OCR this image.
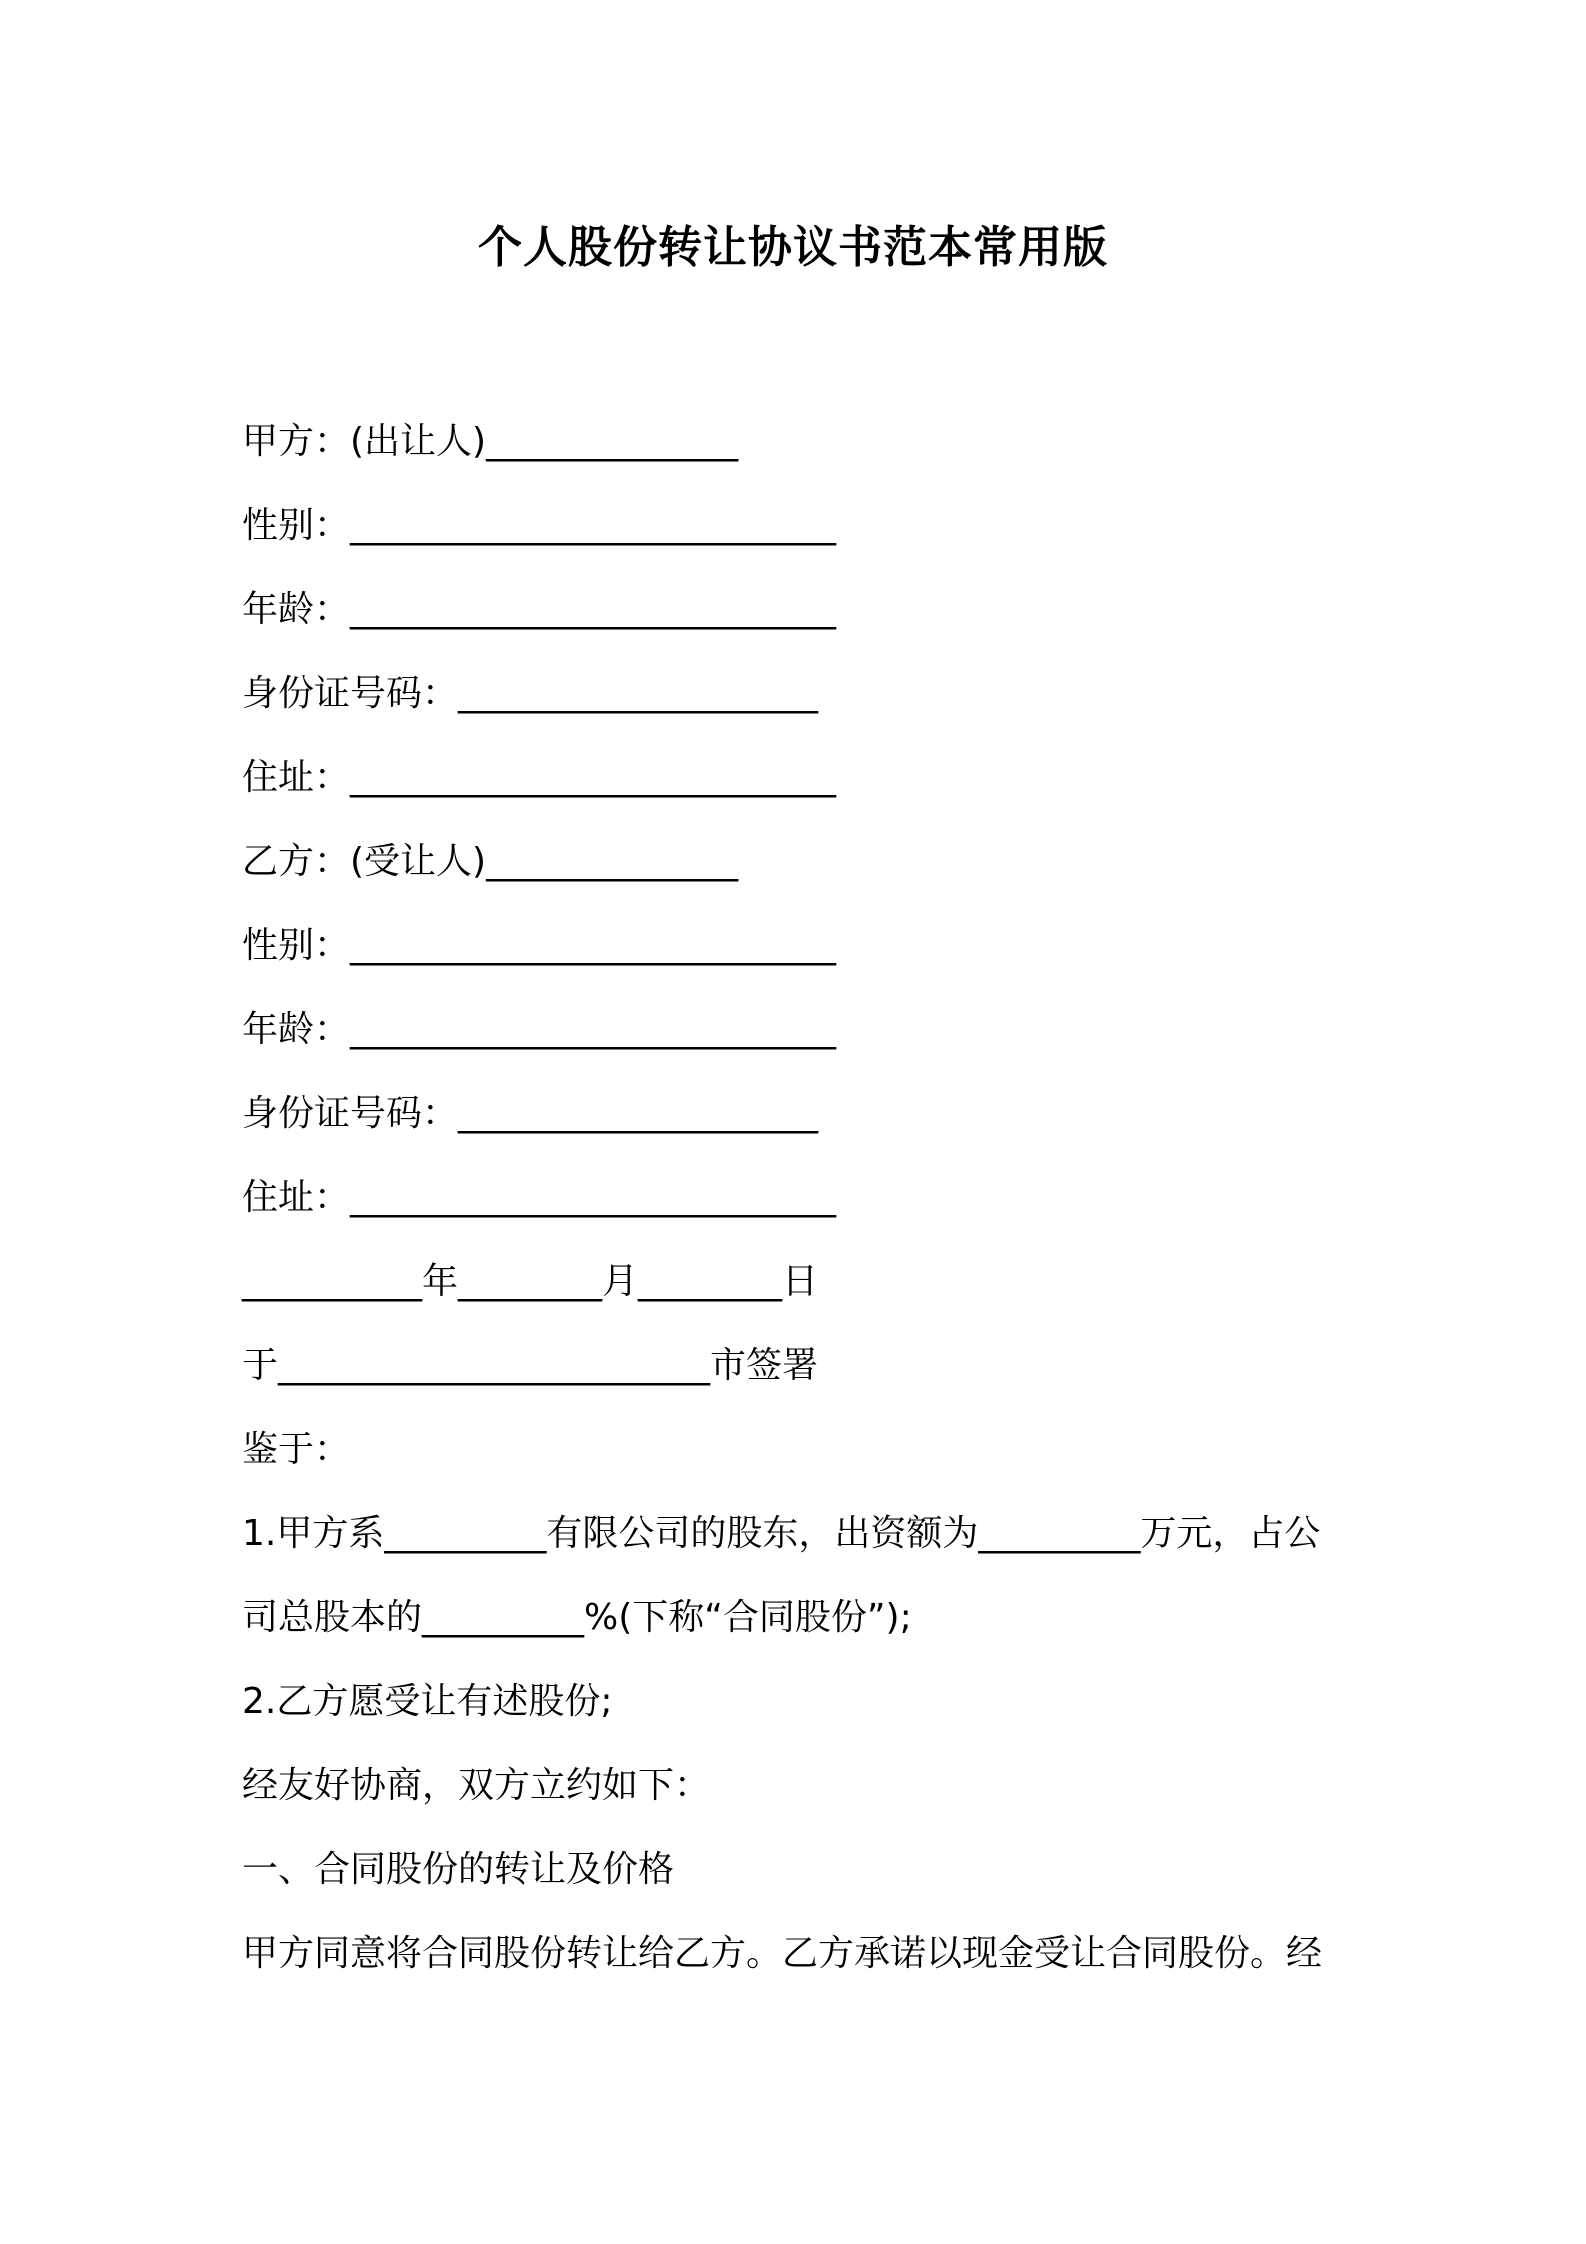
个人股份转让协议书范本常用版
甲方：(出让人)______________
性别：___________________________
年龄：___________________________
身份证号码：____________________
住址：___________________________
乙方：(受让人)______________
性别：___________________________
年龄：___________________________
身份证号码：____________________
住址：___________________________
__________年________月________日
于________________________市签署
鉴于：
1.甲方系_________有限公司的股东，出资额为_________万元，占公
司总股本的_________%(下称“合同股份”);
2.乙方愿受让有述股份;
经友好协商，双方立约如下：
一、合同股份的转让及价格
甲方同意将合同股份转让给乙方。乙方承诺以现金受让合同股份。经
